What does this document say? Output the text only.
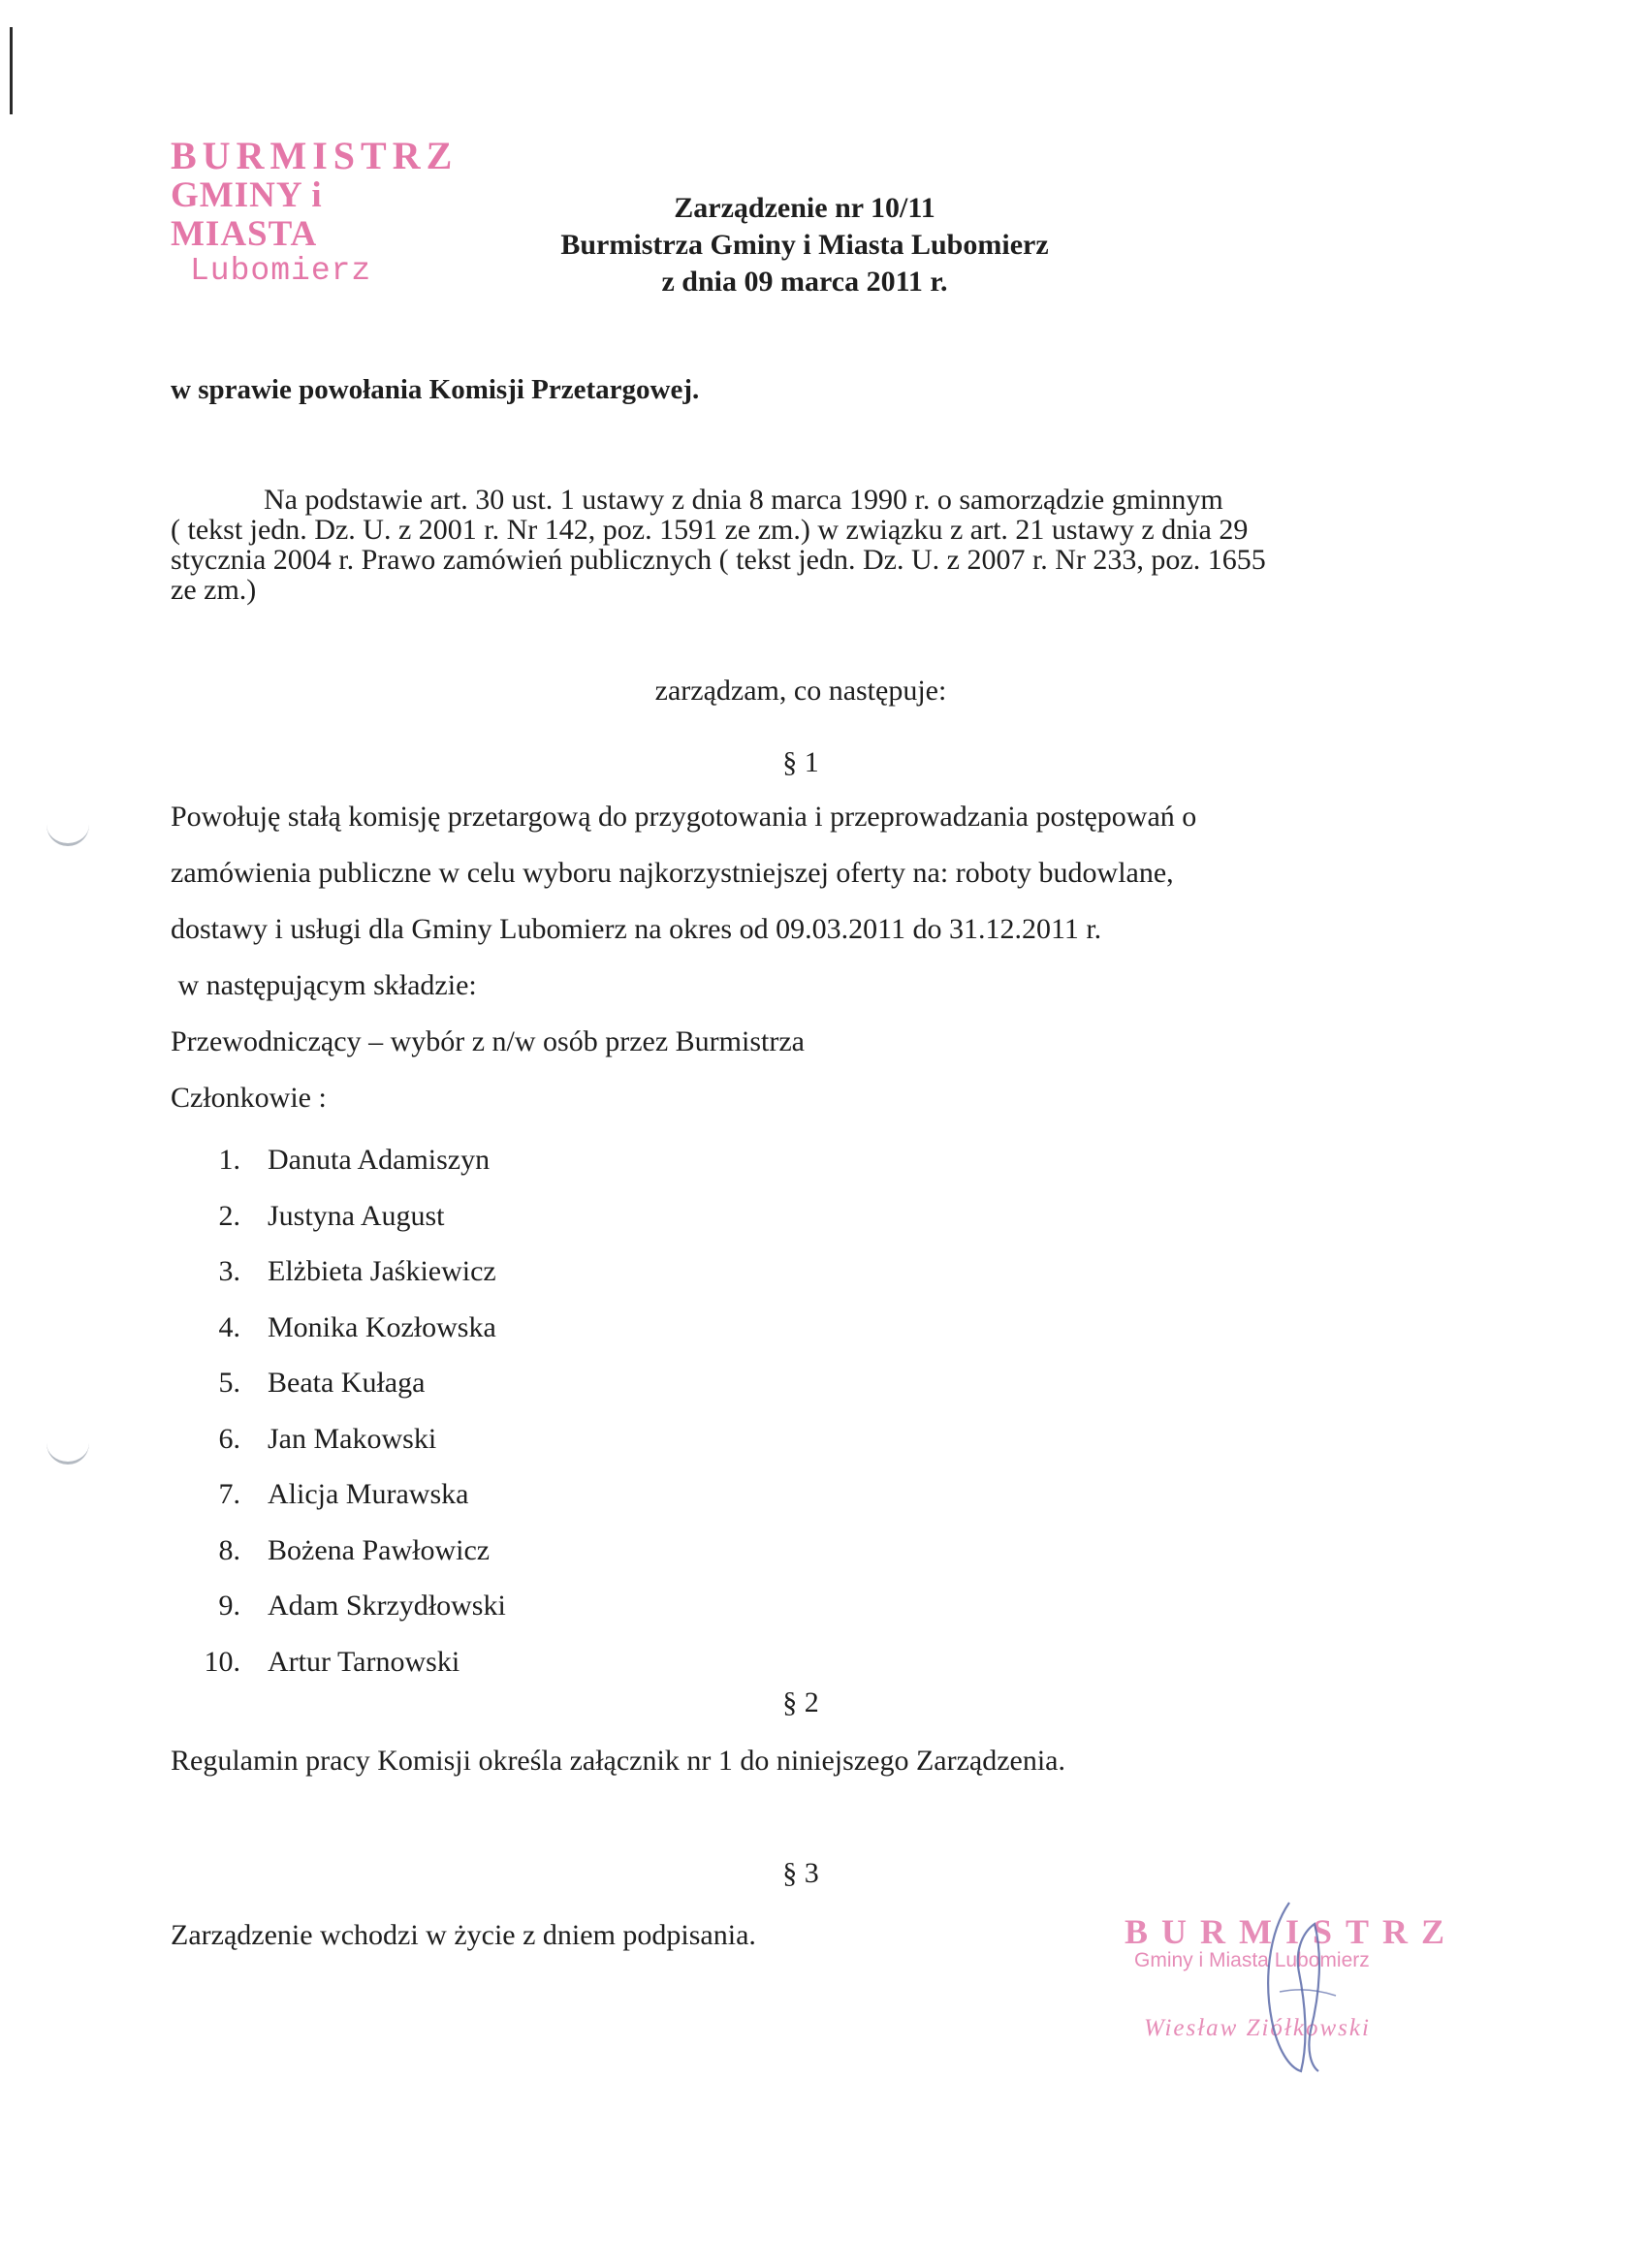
BURMISTRZ
GMINY i MIASTA
Lubomierz
Zarządzenie nr 10/11
Burmistrza Gminy i Miasta Lubomierz
z dnia 09 marca 2011 r.
w sprawie powołania Komisji Przetargowej.
Na podstawie art. 30 ust. 1 ustawy z dnia 8 marca 1990 r. o samorządzie gminnym
( tekst jedn. Dz. U. z 2001 r. Nr 142, poz. 1591 ze zm.) w związku z art. 21 ustawy z dnia 29
stycznia 2004 r. Prawo zamówień publicznych ( tekst jedn. Dz. U. z 2007 r. Nr 233, poz. 1655
ze zm.)
zarządzam, co następuje:
§ 1
Powołuję stałą komisję przetargową do przygotowania i przeprowadzania postępowań o
zamówienia publiczne w celu wyboru najkorzystniejszej oferty na: roboty budowlane,
dostawy i usługi dla Gminy Lubomierz na okres od 09.03.2011 do 31.12.2011 r.
w następującym składzie:
Przewodniczący – wybór z n/w osób przez Burmistrza
Członkowie :
1. Danuta Adamiszyn
2. Justyna August
3. Elżbieta Jaśkiewicz
4. Monika Kozłowska
5. Beata Kułaga
6. Jan Makowski
7. Alicja Murawska
8. Bożena Pawłowicz
9. Adam Skrzydłowski
10. Artur Tarnowski
§ 2
Regulamin pracy Komisji określa załącznik nr 1 do niniejszego Zarządzenia.
§ 3
Zarządzenie wchodzi w życie z dniem podpisania.	BURMISTRZ
Gminy i Miasta Lubomierz
Wiesław Ziółkowski
